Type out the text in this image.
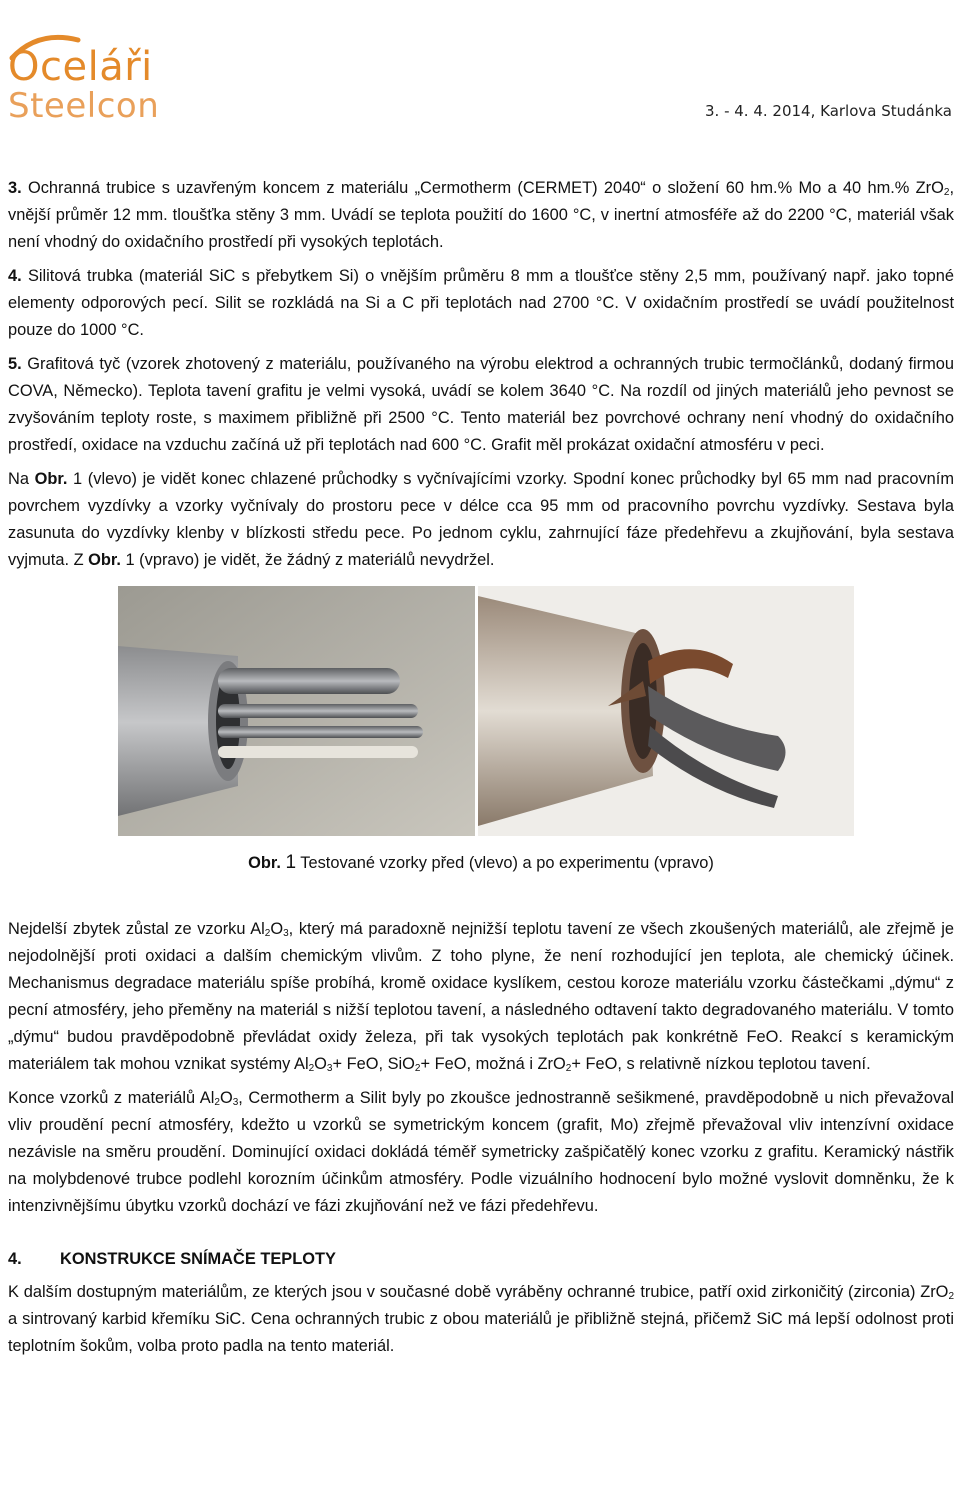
Oceláři
Steelcon	3. - 4. 4. 2014, Karlova Studánka

3. Ochranná trubice s uzavřeným koncem z materiálu „Cermotherm (CERMET) 2040“ o složení 60 hm.% Mo a 40 hm.% ZrO$_2$, vnější průměr 12 mm. tloušťka stěny 3 mm. Uvádí se teplota použití do 1600 °C, v inertní atmosféře až do 2200 °C, materiál však není vhodný do oxidačního prostředí při vysokých teplotách.

4. Silitová trubka (materiál SiC s přebytkem Si) o vnějším průměru 8 mm a tloušťce stěny 2,5 mm, používaný např. jako topné elementy odporových pecí. Silit se rozkládá na Si a C při teplotách nad 2700 °C. V oxidačním prostředí se uvádí použitelnost pouze do 1000 °C.

5. Grafitová tyč (vzorek zhotovený z materiálu, používaného na výrobu elektrod a ochranných trubic termočlánků, dodaný firmou COVA, Německo). Teplota tavení grafitu je velmi vysoká, uvádí se kolem 3640 °C. Na rozdíl od jiných materiálů jeho pevnost se zvyšováním teploty roste, s maximem přibližně při 2500 °C. Tento materiál bez povrchové ochrany není vhodný do oxidačního prostředí, oxidace na vzduchu začíná už při teplotách nad 600 °C. Grafit měl prokázat oxidační atmosféru v peci.

Na Obr. 1 (vlevo) je vidět konec chlazené průchodky s vyčnívajícími vzorky. Spodní konec průchodky byl 65 mm nad pracovním povrchem vyzdívky a vzorky vyčnívaly do prostoru pece v délce cca 95 mm od pracovního povrchu vyzdívky. Sestava byla zasunuta do vyzdívky klenby v blízkosti středu pece. Po jednom cyklu, zahrnující fáze předehřevu a zkujňování, byla sestava vyjmuta. Z Obr. 1 (vpravo) je vidět, že žádný z materiálů nevydržel.

Obr. 1 Testované vzorky před (vlevo) a po experimentu (vpravo)

Nejdelší zbytek zůstal ze vzorku $Al_2O_3$, který má paradoxně nejnižší teplotu tavení ze všech zkoušených materiálů, ale zřejmě je nejodolnější proti oxidaci a dalším chemickým vlivům. Z toho plyne, že není rozhodující jen teplota, ale chemický účinek. Mechanismus degradace materiálu spíše probíhá, kromě oxidace kyslíkem, cestou koroze materiálu vzorku částečkami „dýmu“ z pecní atmosféry, jeho přeměny na materiál s nižší teplotou tavení, a následného odtavení takto degradovaného materiálu. V tomto „dýmu“ budou pravděpodobně převládat oxidy železa, při tak vysokých teplotách pak konkrétně FeO. Reakcí s keramickým materiálem tak mohou vznikat systémy $Al_2O_3+$ FeO, SiO$_2$+ FeO, možná i ZrO$_2$+ FeO, s relativně nízkou teplotou tavení.

Konce vzorků z materiálů $Al_2O_3$, Cermotherm a Silit byly po zkoušce jednostranně sešikmené, pravděpodobně u nich převažoval vliv proudění pecní atmosféry, kdežto u vzorků se symetrickým koncem (grafit, Mo) zřejmě převažoval vliv intenzívní oxidace nezávisle na směru proudění. Dominující oxidaci dokládá téměř symetricky zašpičatělý konec vzorku z grafitu. Keramický nástřik na molybdenové trubce podlehl korozním účinkům atmosféry. Podle vizuálního hodnocení bylo možné vyslovit domněnku, že k intenzivnějšímu úbytku vzorků dochází ve fázi zkujňování než ve fázi předehřevu.

4.	KONSTRUKCE SNÍMAČE TEPLOTY

K dalším dostupným materiálům, ze kterých jsou v současné době vyráběny ochranné trubice, patří oxid zirkoničitý (zirconia) ZrO$_2$ a sintrovaný karbid křemíku SiC. Cena ochranných trubic z obou materiálů je přibližně stejná, přičemž SiC má lepší odolnost proti teplotním šokům, volba proto padla na tento materiál.
